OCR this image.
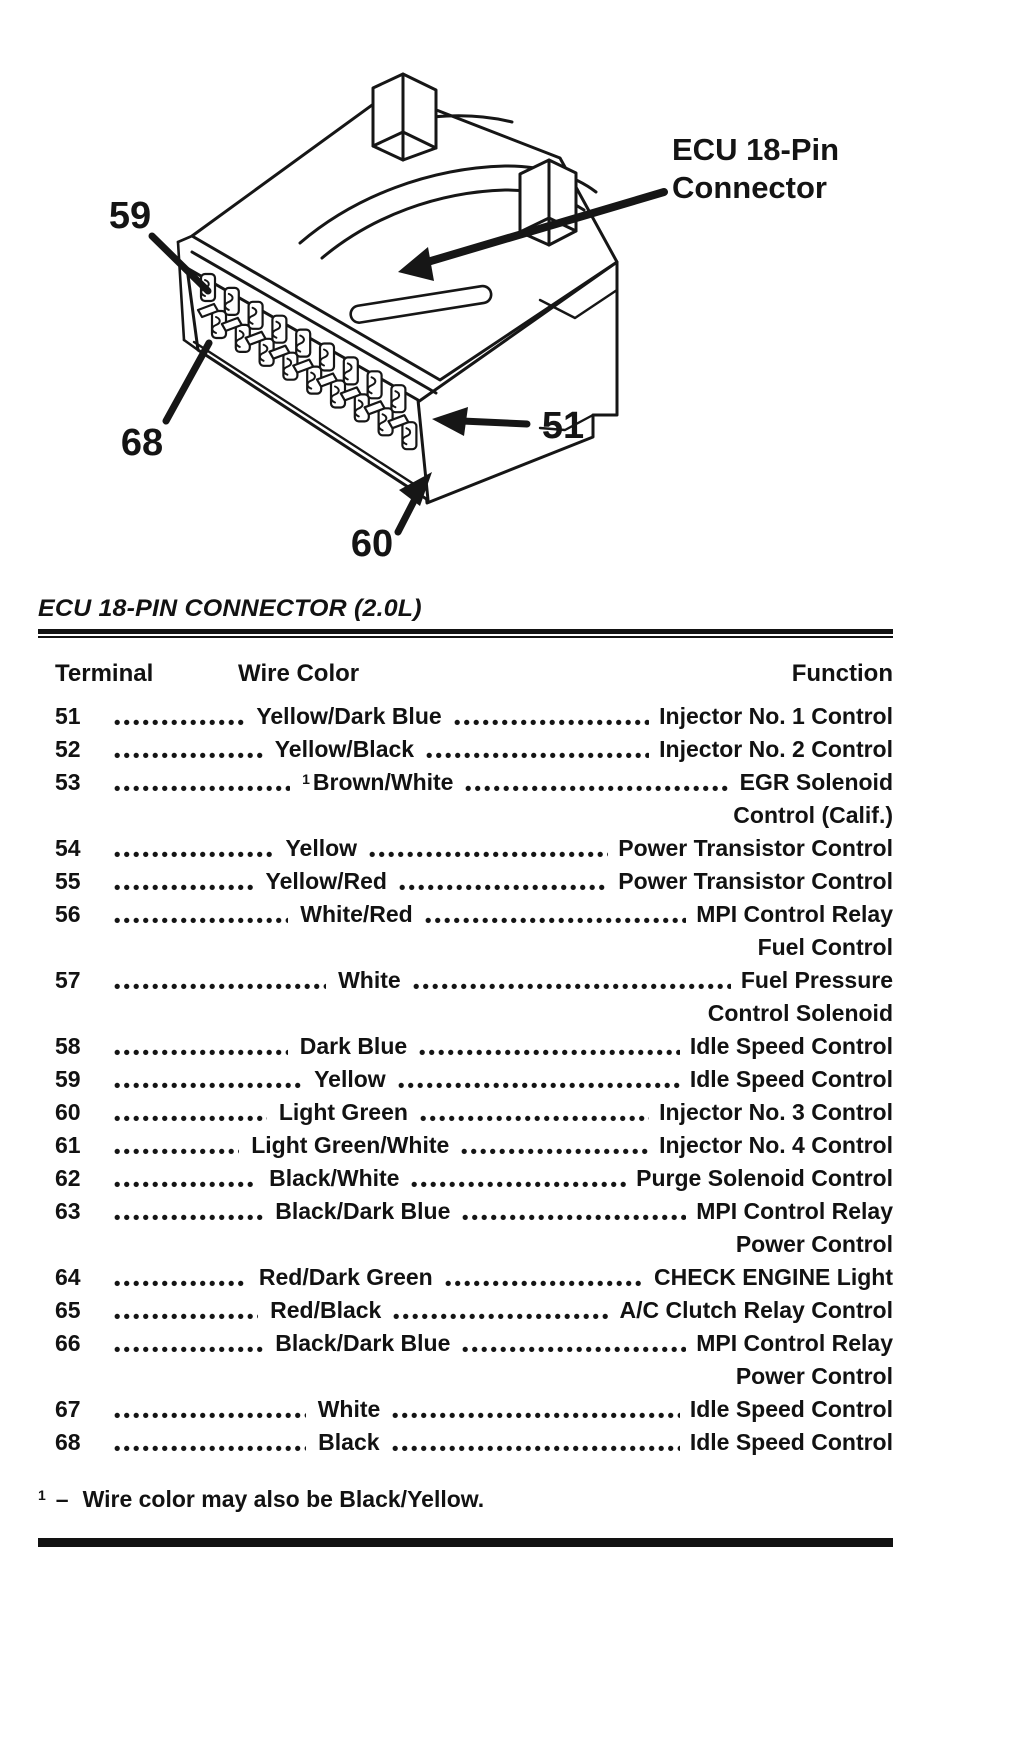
59
68	51
60
ECU 18-Pin
Connector
ECU 18-PIN CONNECTOR (2.0L)
Terminal	Wire Color	Function
51	Yellow/Dark Blue	Injector No. 1 Control
52	Yellow/Black	Injector No. 2 Control
53	$^1$ Brown/White	EGR Solenoid
Control (Calif.)
54	Yellow	Power Transistor Control
55	Yellow/Red	Power Transistor Control
56	White/Red	MPI Control Relay
Fuel Control
57	White	Fuel Pressure
Control Solenoid
58	Dark Blue	Idle Speed Control
59	Yellow	Idle Speed Control
60	Light Green	Injector No. 3 Control
61	Light Green/White	Injector No. 4 Control
62	Black/White	Purge Solenoid Control
63	Black/Dark Blue	MPI Control Relay
Power Control
64	Red/Dark Green	CHECK ENGINE Light
65	Red/Black	A/C Clutch Relay Control
66	Black/Dark Blue	MPI Control Relay
Power Control
67	White	Idle Speed Control
68	Black	Idle Speed Control
$^1$ – Wire color may also be Black/Yellow.
